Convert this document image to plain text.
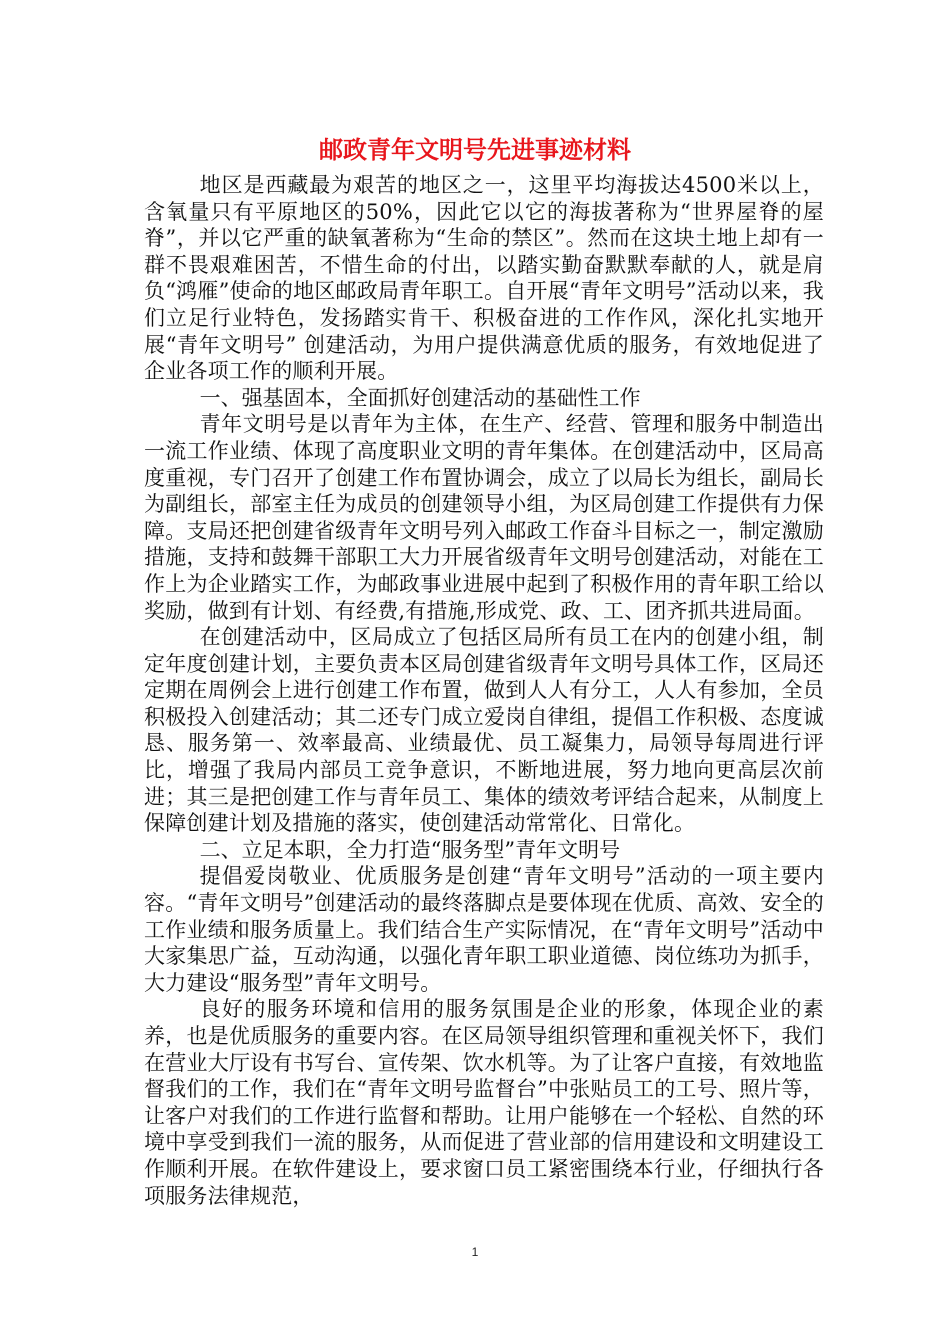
邮政青年文明号先进事迹材料

地区是西藏最为艰苦的地区之一，这里平均海拔达4500米以上，含氧量只有平原地区的50%，因此它以它的海拔著称为“世界屋脊的屋脊”，并以它严重的缺氧著称为“生命的禁区”。然而在这块土地上却有一群不畏艰难困苦，不惜生命的付出，以踏实勤奋默默奉献的人，就是肩负“鸿雁”使命的地区邮政局青年职工。自开展“青年文明号”活动以来，我们立足行业特色，发扬踏实肯干、积极奋进的工作作风，深化扎实地开展“青年文明号” 创建活动，为用户提供满意优质的服务，有效地促进了企业各项工作的顺利开展。

一、强基固本，全面抓好创建活动的基础性工作

青年文明号是以青年为主体，在生产、经营、管理和服务中制造出一流工作业绩、体现了高度职业文明的青年集体。在创建活动中，区局高度重视，专门召开了创建工作布置协调会，成立了以局长为组长，副局长为副组长，部室主任为成员的创建领导小组，为区局创建工作提供有力保障。支局还把创建省级青年文明号列入邮政工作奋斗目标之一，制定激励措施，支持和鼓舞干部职工大力开展省级青年文明号创建活动，对能在工作上为企业踏实工作，为邮政事业进展中起到了积极作用的青年职工给以奖励，做到有计划、有经费,有措施,形成党、政、工、团齐抓共进局面。

在创建活动中，区局成立了包括区局所有员工在内的创建小组，制定年度创建计划，主要负责本区局创建省级青年文明号具体工作，区局还定期在周例会上进行创建工作布置，做到人人有分工，人人有参加，全员积极投入创建活动；其二还专门成立爱岗自律组，提倡工作积极、态度诚恳、服务第一、效率最高、业绩最优、员工凝集力，局领导每周进行评比，增强了我局内部员工竞争意识，不断地进展，努力地向更高层次前进；其三是把创建工作与青年员工、集体的绩效考评结合起来，从制度上保障创建计划及措施的落实，使创建活动常常化、日常化。

二、立足本职，全力打造“服务型”青年文明号

提倡爱岗敬业、优质服务是创建“青年文明号”活动的一项主要内容。“青年文明号”创建活动的最终落脚点是要体现在优质、高效、安全的工作业绩和服务质量上。我们结合生产实际情况，在“青年文明号”活动中大家集思广益，互动沟通，以强化青年职工职业道德、岗位练功为抓手，大力建设“服务型”青年文明号。

良好的服务环境和信用的服务氛围是企业的形象，体现企业的素养，也是优质服务的重要内容。在区局领导组织管理和重视关怀下，我们在营业大厅设有书写台、宣传架、饮水机等。为了让客户直接，有效地监督我们的工作，我们在“青年文明号监督台”中张贴员工的工号、照片等，让客户对我们的工作进行监督和帮助。让用户能够在一个轻松、自然的环境中享受到我们一流的服务，从而促进了营业部的信用建设和文明建设工作顺利开展。在软件建设上，要求窗口员工紧密围绕本行业，仔细执行各项服务法律规范，

1
